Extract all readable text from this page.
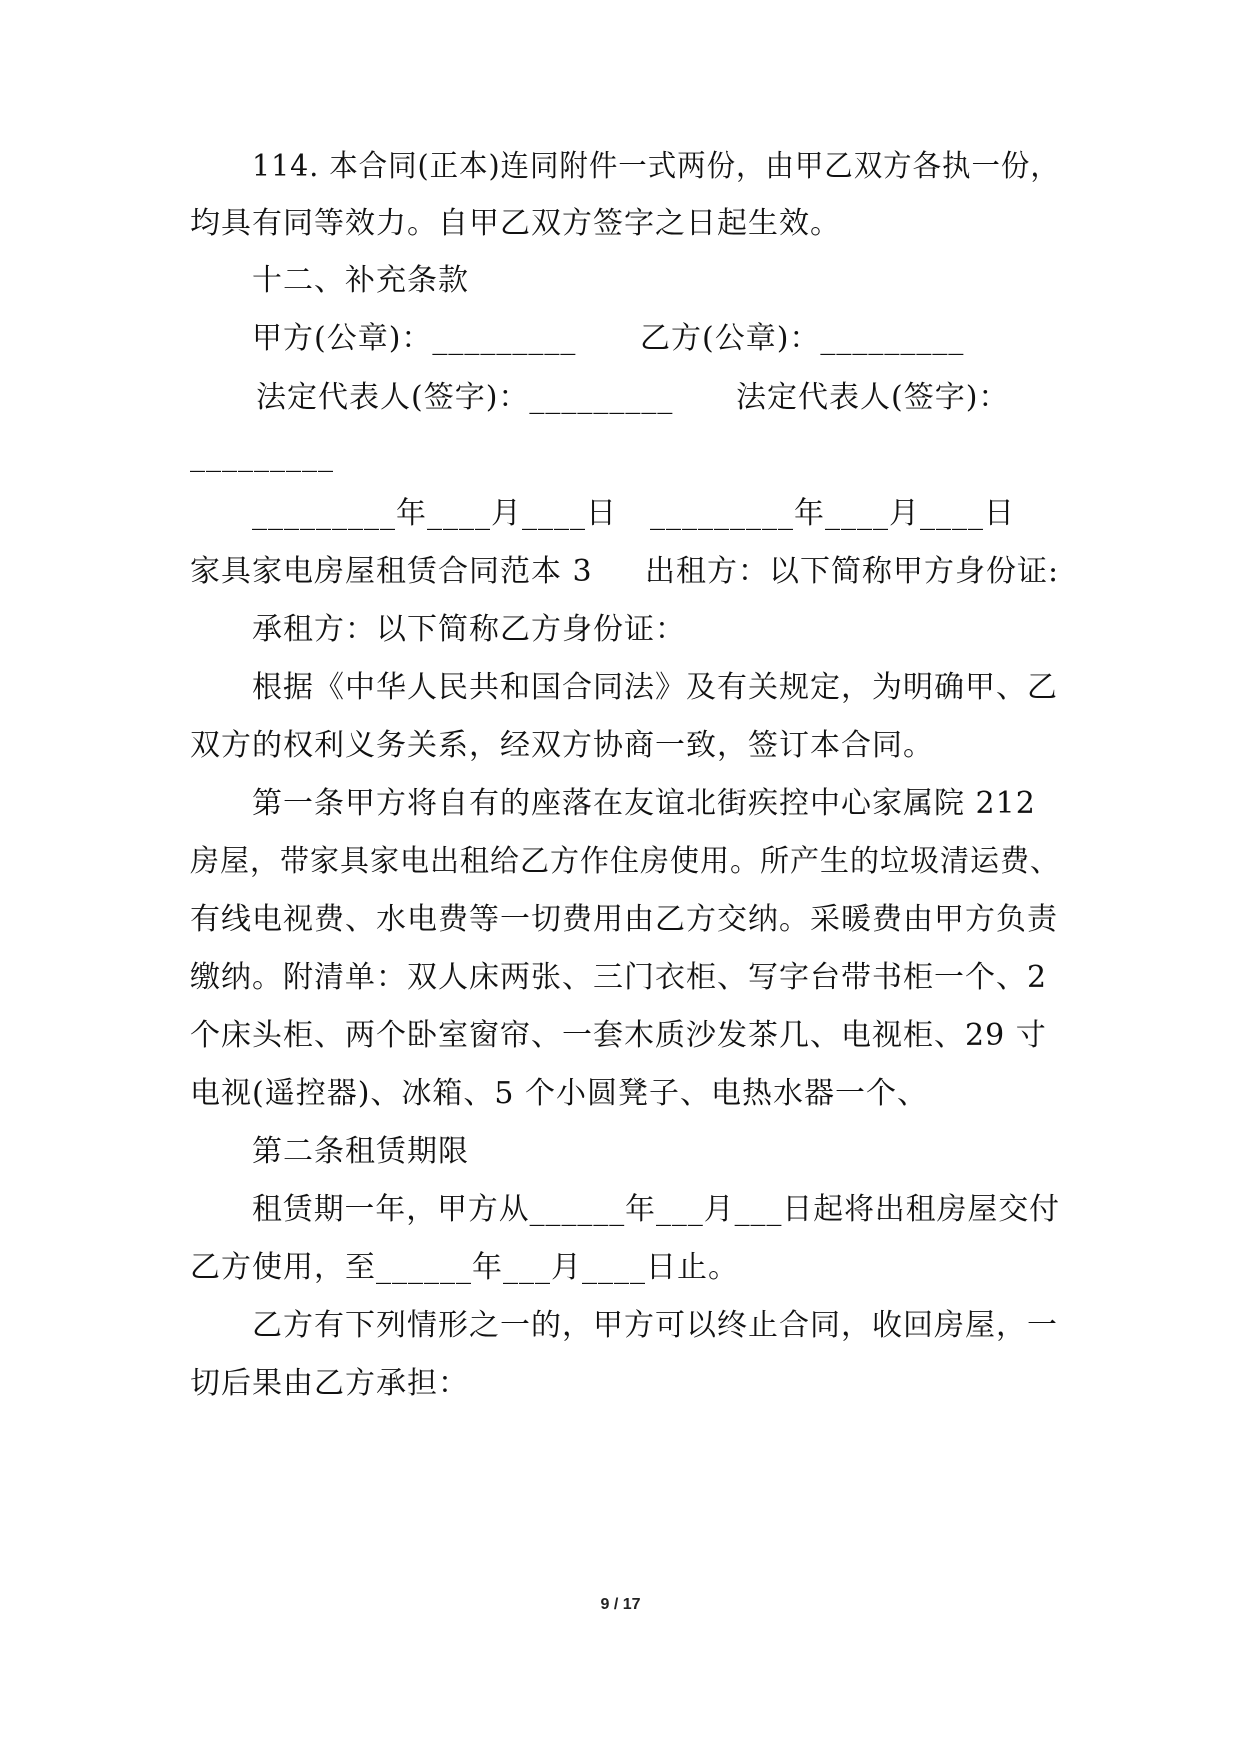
114. 本合同(正本)连同附件一式两份，由甲乙双方各执一份，
均具有同等效力。自甲乙双方签字之日起生效。
十二、补充条款
甲方(公章)：_________ 乙方(公章)：_________
法定代表人(签字)：_________ 法定代表人(签字)：
_________
_________年____月____日 _________年____月____日
家具家电房屋租赁合同范本 3 出租方：以下简称甲方身份证:
承租方：以下简称乙方身份证：
根据《中华人民共和国合同法》及有关规定，为明确甲、乙
双方的权利义务关系，经双方协商一致，签订本合同。
第一条甲方将自有的座落在友谊北街疾控中心家属院 212
房屋，带家具家电出租给乙方作住房使用。所产生的垃圾清运费、
有线电视费、水电费等一切费用由乙方交纳。采暖费由甲方负责
缴纳。附清单：双人床两张、三门衣柜、写字台带书柜一个、2
个床头柜、两个卧室窗帘、一套木质沙发茶几、电视柜、29 寸
电视(遥控器)、冰箱、5 个小圆凳子、电热水器一个、
第二条租赁期限
租赁期一年，甲方从______年___月___日起将出租房屋交付
乙方使用，至______年___月____日止。
乙方有下列情形之一的，甲方可以终止合同，收回房屋，一
切后果由乙方承担：
9 / 17
